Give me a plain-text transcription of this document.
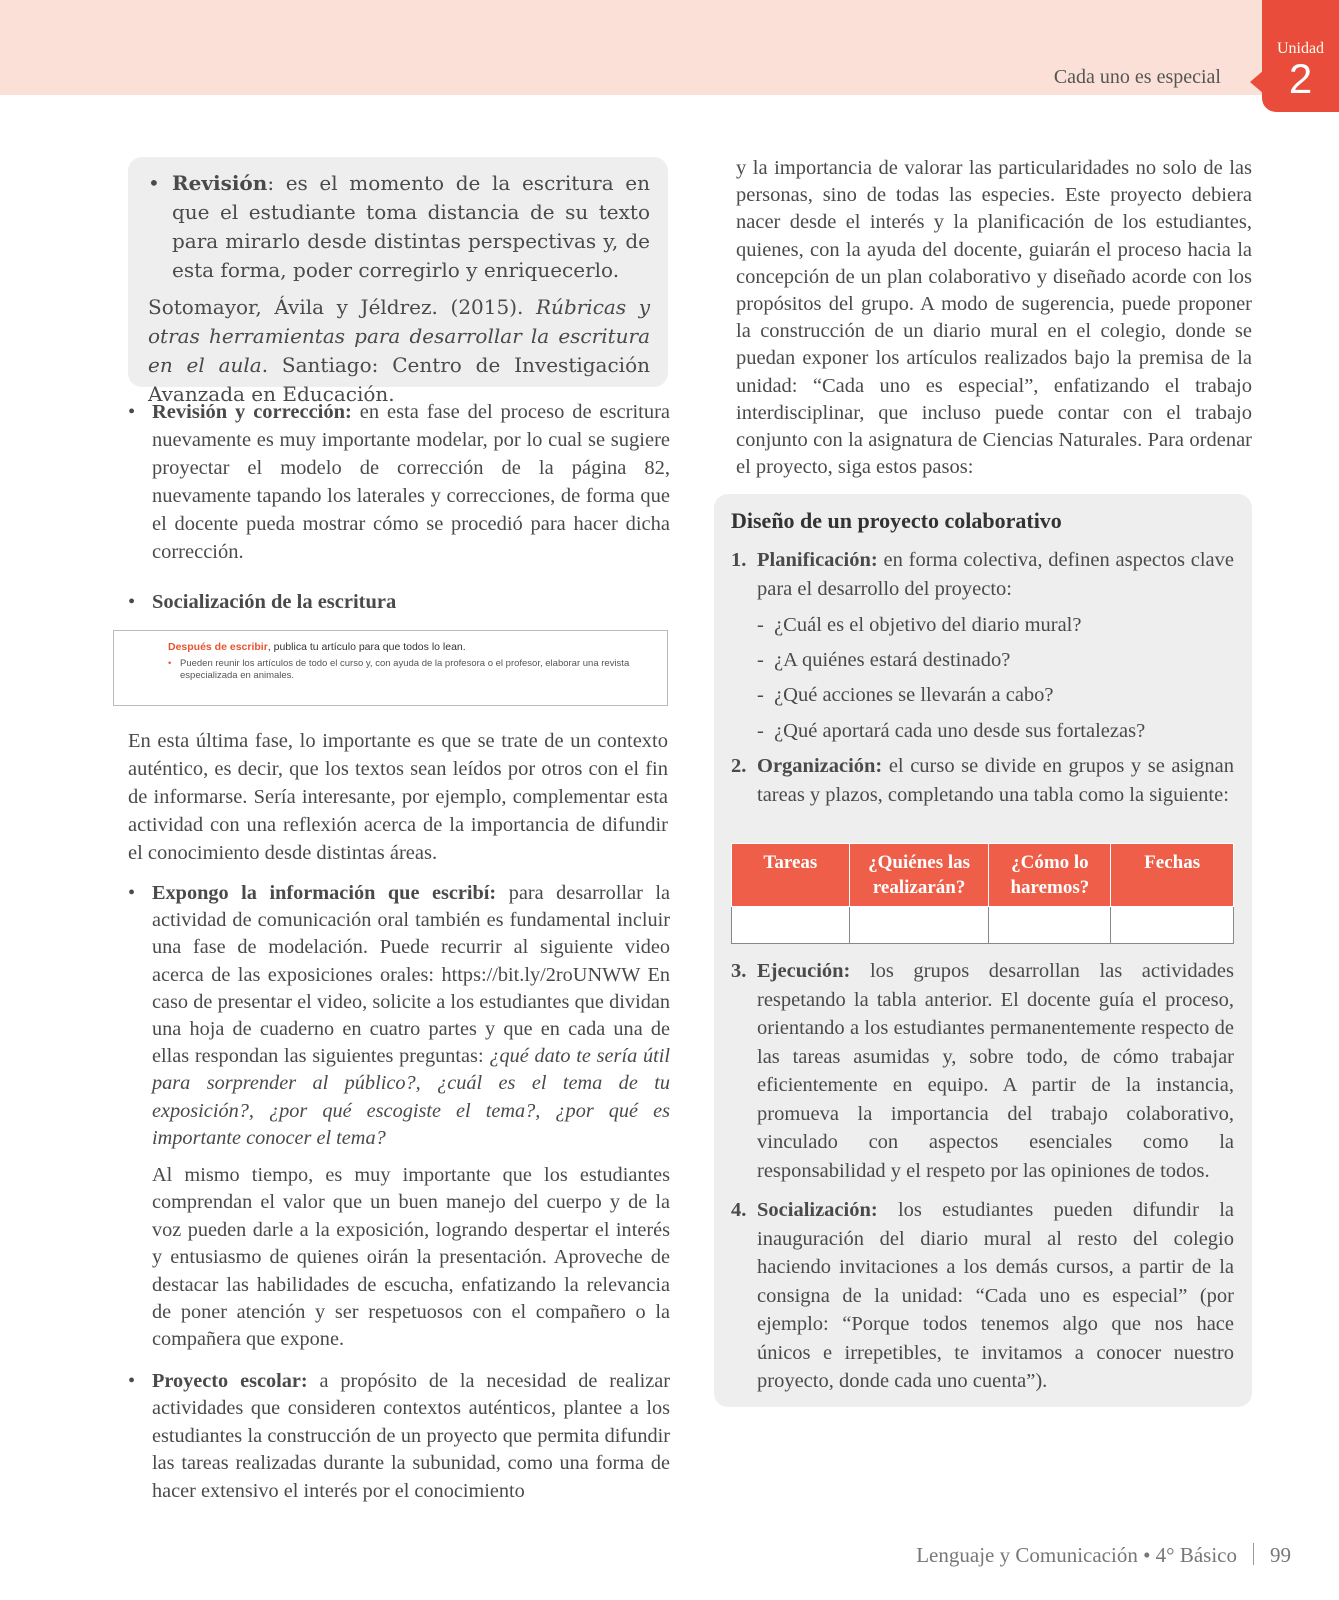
Cada uno es especial
Unidad
2

• Revisión: es el momento de la escritura en que el estudiante toma distancia de su texto para mirarlo desde distintas perspectivas y, de esta forma, poder corregirlo y enriquecerlo.

Sotomayor, Ávila y Jéldrez. (2015). Rúbricas y otras herramientas para desarrollar la escritura en el aula. Santiago: Centro de Investigación Avanzada en Educación.

• Revisión y corrección: en esta fase del proceso de escritura nuevamente es muy importante modelar, por lo cual se sugiere proyectar el modelo de corrección de la página 82, nuevamente tapando los laterales y correcciones, de forma que el docente pueda mostrar cómo se procedió para hacer dicha corrección.

• Socialización de la escritura

Después de escribir, publica tu artículo para que todos lo lean.
• Pueden reunir los artículos de todo el curso y, con ayuda de la profesora o el profesor, elaborar una revista especializada en animales.
En esta última fase, lo importante es que se trate de un contexto auténtico, es decir, que los textos sean leídos por otros con el fin de informarse. Sería interesante, por ejemplo, complementar esta actividad con una reflexión acerca de la importancia de difundir el conocimiento desde distintas áreas.

• Expongo la información que escribí: para desarrollar la actividad de comunicación oral también es fundamental incluir una fase de modelación. Puede recurrir al siguiente video acerca de las exposiciones orales: https://bit.ly/2roUNWW En caso de presentar el video, solicite a los estudiantes que dividan una hoja de cuaderno en cuatro partes y que en cada una de ellas respondan las siguientes preguntas: ¿qué dato te sería útil para sorprender al público?, ¿cuál es el tema de tu exposición?, ¿por qué escogiste el tema?, ¿por qué es importante conocer el tema?

Al mismo tiempo, es muy importante que los estudiantes comprendan el valor que un buen manejo del cuerpo y de la voz pueden darle a la exposición, logrando despertar el interés y entusiasmo de quienes oirán la presentación. Aproveche de destacar las habilidades de escucha, enfatizando la relevancia de poner atención y ser respetuosos con el compañero o la compañera que expone.

• Proyecto escolar: a propósito de la necesidad de realizar actividades que consideren contextos auténticos, plantee a los estudiantes la construcción de un proyecto que permita difundir las tareas realizadas durante la subunidad, como una forma de hacer extensivo el interés por el conocimiento

y la importancia de valorar las particularidades no solo de las personas, sino de todas las especies. Este proyecto debiera nacer desde el interés y la planificación de los estudiantes, quienes, con la ayuda del docente, guiarán el proceso hacia la concepción de un plan colaborativo y diseñado acorde con los propósitos del grupo. A modo de sugerencia, puede proponer la construcción de un diario mural en el colegio, donde se puedan exponer los artículos realizados bajo la premisa de la unidad: “Cada uno es especial”, enfatizando el trabajo interdisciplinar, que incluso puede contar con el trabajo conjunto con la asignatura de Ciencias Naturales. Para ordenar el proyecto, siga estos pasos:
Diseño de un proyecto colaborativo
1. Planificación: en forma colectiva, definen aspectos clave para el desarrollo del proyecto:
-  ¿Cuál es el objetivo del diario mural?
-  ¿A quiénes estará destinado?
-  ¿Qué acciones se llevarán a cabo?
-  ¿Qué aportará cada uno desde sus fortalezas?
2. Organización: el curso se divide en grupos y se asignan tareas y plazos, completando una tabla como la siguiente:
Tareas	¿Quiénes las realizarán?	¿Cómo lo haremos?	Fechas

3. Ejecución: los grupos desarrollan las actividades respetando la tabla anterior. El docente guía el proceso, orientando a los estudiantes permanentemente respecto de las tareas asumidas y, sobre todo, de cómo trabajar eficientemente en equipo. A partir de la instancia, promueva la importancia del trabajo colaborativo, vinculado con aspectos esenciales como la responsabilidad y el respeto por las opiniones de todos.
4. Socialización: los estudiantes pueden difundir la inauguración del diario mural al resto del colegio haciendo invitaciones a los demás cursos, a partir de la consigna de la unidad: “Cada uno es especial” (por ejemplo: “Porque todos tenemos algo que nos hace únicos e irrepetibles, te invitamos a conocer nuestro proyecto, donde cada uno cuenta”).
Lenguaje y Comunicación • 4° Básico 99
